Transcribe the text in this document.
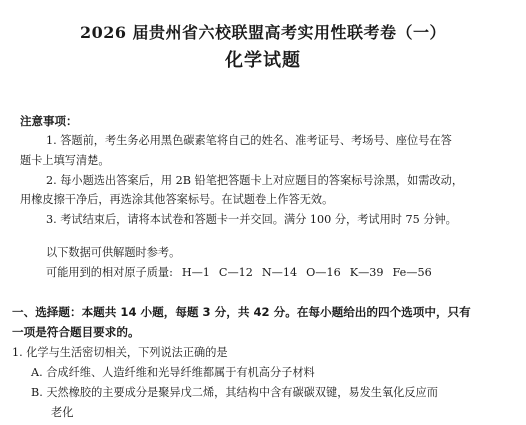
2026 届贵州省六校联盟高考实用性联考卷（一）
化学试题
注意事项：
1. 答题前，考生务必用黑色碳素笔将自己的姓名、准考证号、考场号、座位号在答
题卡上填写清楚。
2. 每小题选出答案后，用 2B 铅笔把答题卡上对应题目的答案标号涂黑，如需改动，
用橡皮擦干净后，再选涂其他答案标号。在试题卷上作答无效。
3. 考试结束后，请将本试卷和答题卡一并交回。满分 100 分，考试用时 75 分钟。
以下数据可供解题时参考。
可能用到的相对原子质量: H—1 C—12 N—14 O—16 K—39 Fe—56
一、选择题：本题共 14 小题，每题 3 分，共 42 分。在每小题给出的四个选项中，只有
一项是符合题目要求的。
1. 化学与生活密切相关，下列说法正确的是
A. 合成纤维、人造纤维和光导纤维都属于有机高分子材料
B. 天然橡胶的主要成分是聚异戊二烯，其结构中含有碳碳双键，易发生氧化反应而
老化
